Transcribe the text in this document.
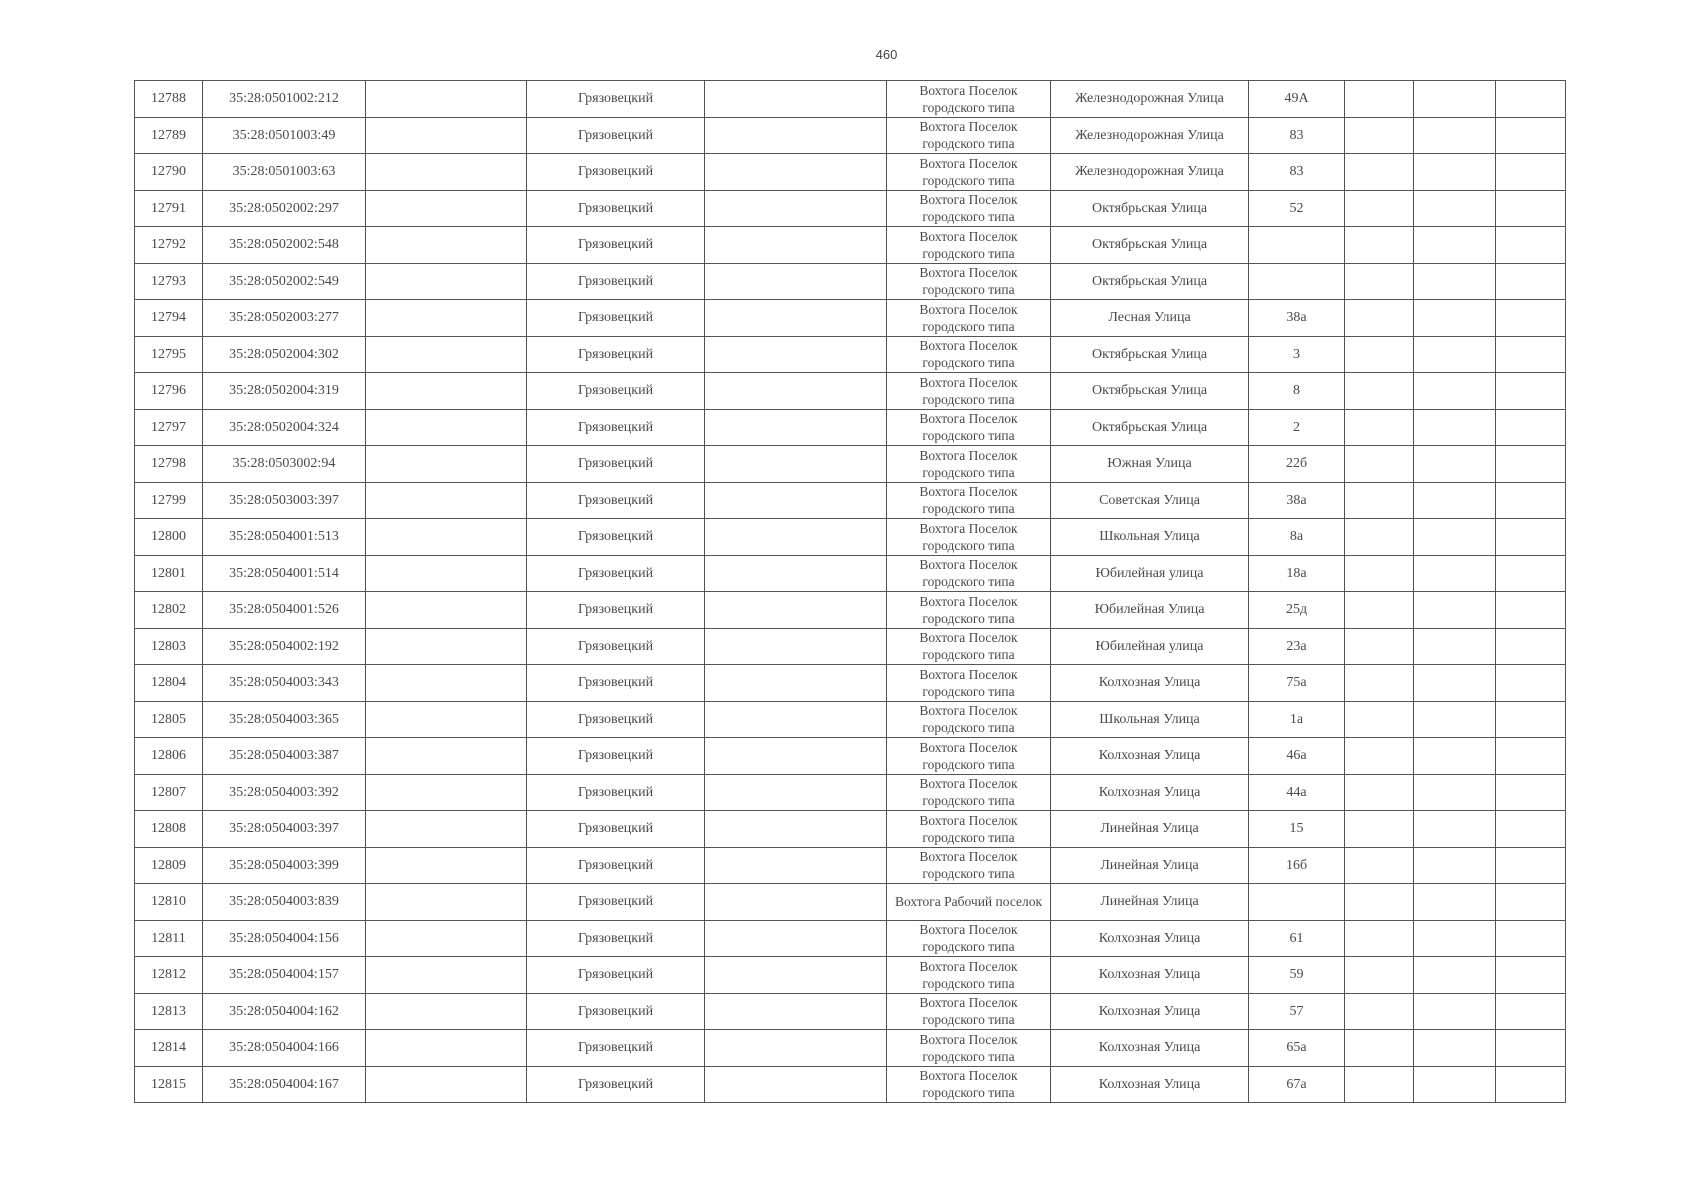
460
12788	35:28:0501002:212		Грязовецкий		Вохтога Поселок городского типа	Железнодорожная Улица	49А			
12789	35:28:0501003:49		Грязовецкий		Вохтога Поселок городского типа	Железнодорожная Улица	83			
12790	35:28:0501003:63		Грязовецкий		Вохтога Поселок городского типа	Железнодорожная Улица	83			
12791	35:28:0502002:297		Грязовецкий		Вохтога Поселок городского типа	Октябрьская Улица	52			
12792	35:28:0502002:548		Грязовецкий		Вохтога Поселок городского типа	Октябрьская Улица				
12793	35:28:0502002:549		Грязовецкий		Вохтога Поселок городского типа	Октябрьская Улица				
12794	35:28:0502003:277		Грязовецкий		Вохтога Поселок городского типа	Лесная Улица	38а			
12795	35:28:0502004:302		Грязовецкий		Вохтога Поселок городского типа	Октябрьская Улица	3			
12796	35:28:0502004:319		Грязовецкий		Вохтога Поселок городского типа	Октябрьская Улица	8			
12797	35:28:0502004:324		Грязовецкий		Вохтога Поселок городского типа	Октябрьская Улица	2			
12798	35:28:0503002:94		Грязовецкий		Вохтога Поселок городского типа	Южная Улица	22б			
12799	35:28:0503003:397		Грязовецкий		Вохтога Поселок городского типа	Советская Улица	38а			
12800	35:28:0504001:513		Грязовецкий		Вохтога Поселок городского типа	Школьная Улица	8а			
12801	35:28:0504001:514		Грязовецкий		Вохтога Поселок городского типа	Юбилейная улица	18а			
12802	35:28:0504001:526		Грязовецкий		Вохтога Поселок городского типа	Юбилейная Улица	25д			
12803	35:28:0504002:192		Грязовецкий		Вохтога Поселок городского типа	Юбилейная улица	23а			
12804	35:28:0504003:343		Грязовецкий		Вохтога Поселок городского типа	Колхозная Улица	75а			
12805	35:28:0504003:365		Грязовецкий		Вохтога Поселок городского типа	Школьная Улица	1а			
12806	35:28:0504003:387		Грязовецкий		Вохтога Поселок городского типа	Колхозная Улица	46а			
12807	35:28:0504003:392		Грязовецкий		Вохтога Поселок городского типа	Колхозная Улица	44а			
12808	35:28:0504003:397		Грязовецкий		Вохтога Поселок городского типа	Линейная Улица	15			
12809	35:28:0504003:399		Грязовецкий		Вохтога Поселок городского типа	Линейная Улица	16б			
12810	35:28:0504003:839		Грязовецкий		Вохтога Рабочий поселок	Линейная Улица				
12811	35:28:0504004:156		Грязовецкий		Вохтога Поселок городского типа	Колхозная Улица	61			
12812	35:28:0504004:157		Грязовецкий		Вохтога Поселок городского типа	Колхозная Улица	59			
12813	35:28:0504004:162		Грязовецкий		Вохтога Поселок городского типа	Колхозная Улица	57			
12814	35:28:0504004:166		Грязовецкий		Вохтога Поселок городского типа	Колхозная Улица	65а			
12815	35:28:0504004:167		Грязовецкий		Вохтога Поселок городского типа	Колхозная Улица	67а			
